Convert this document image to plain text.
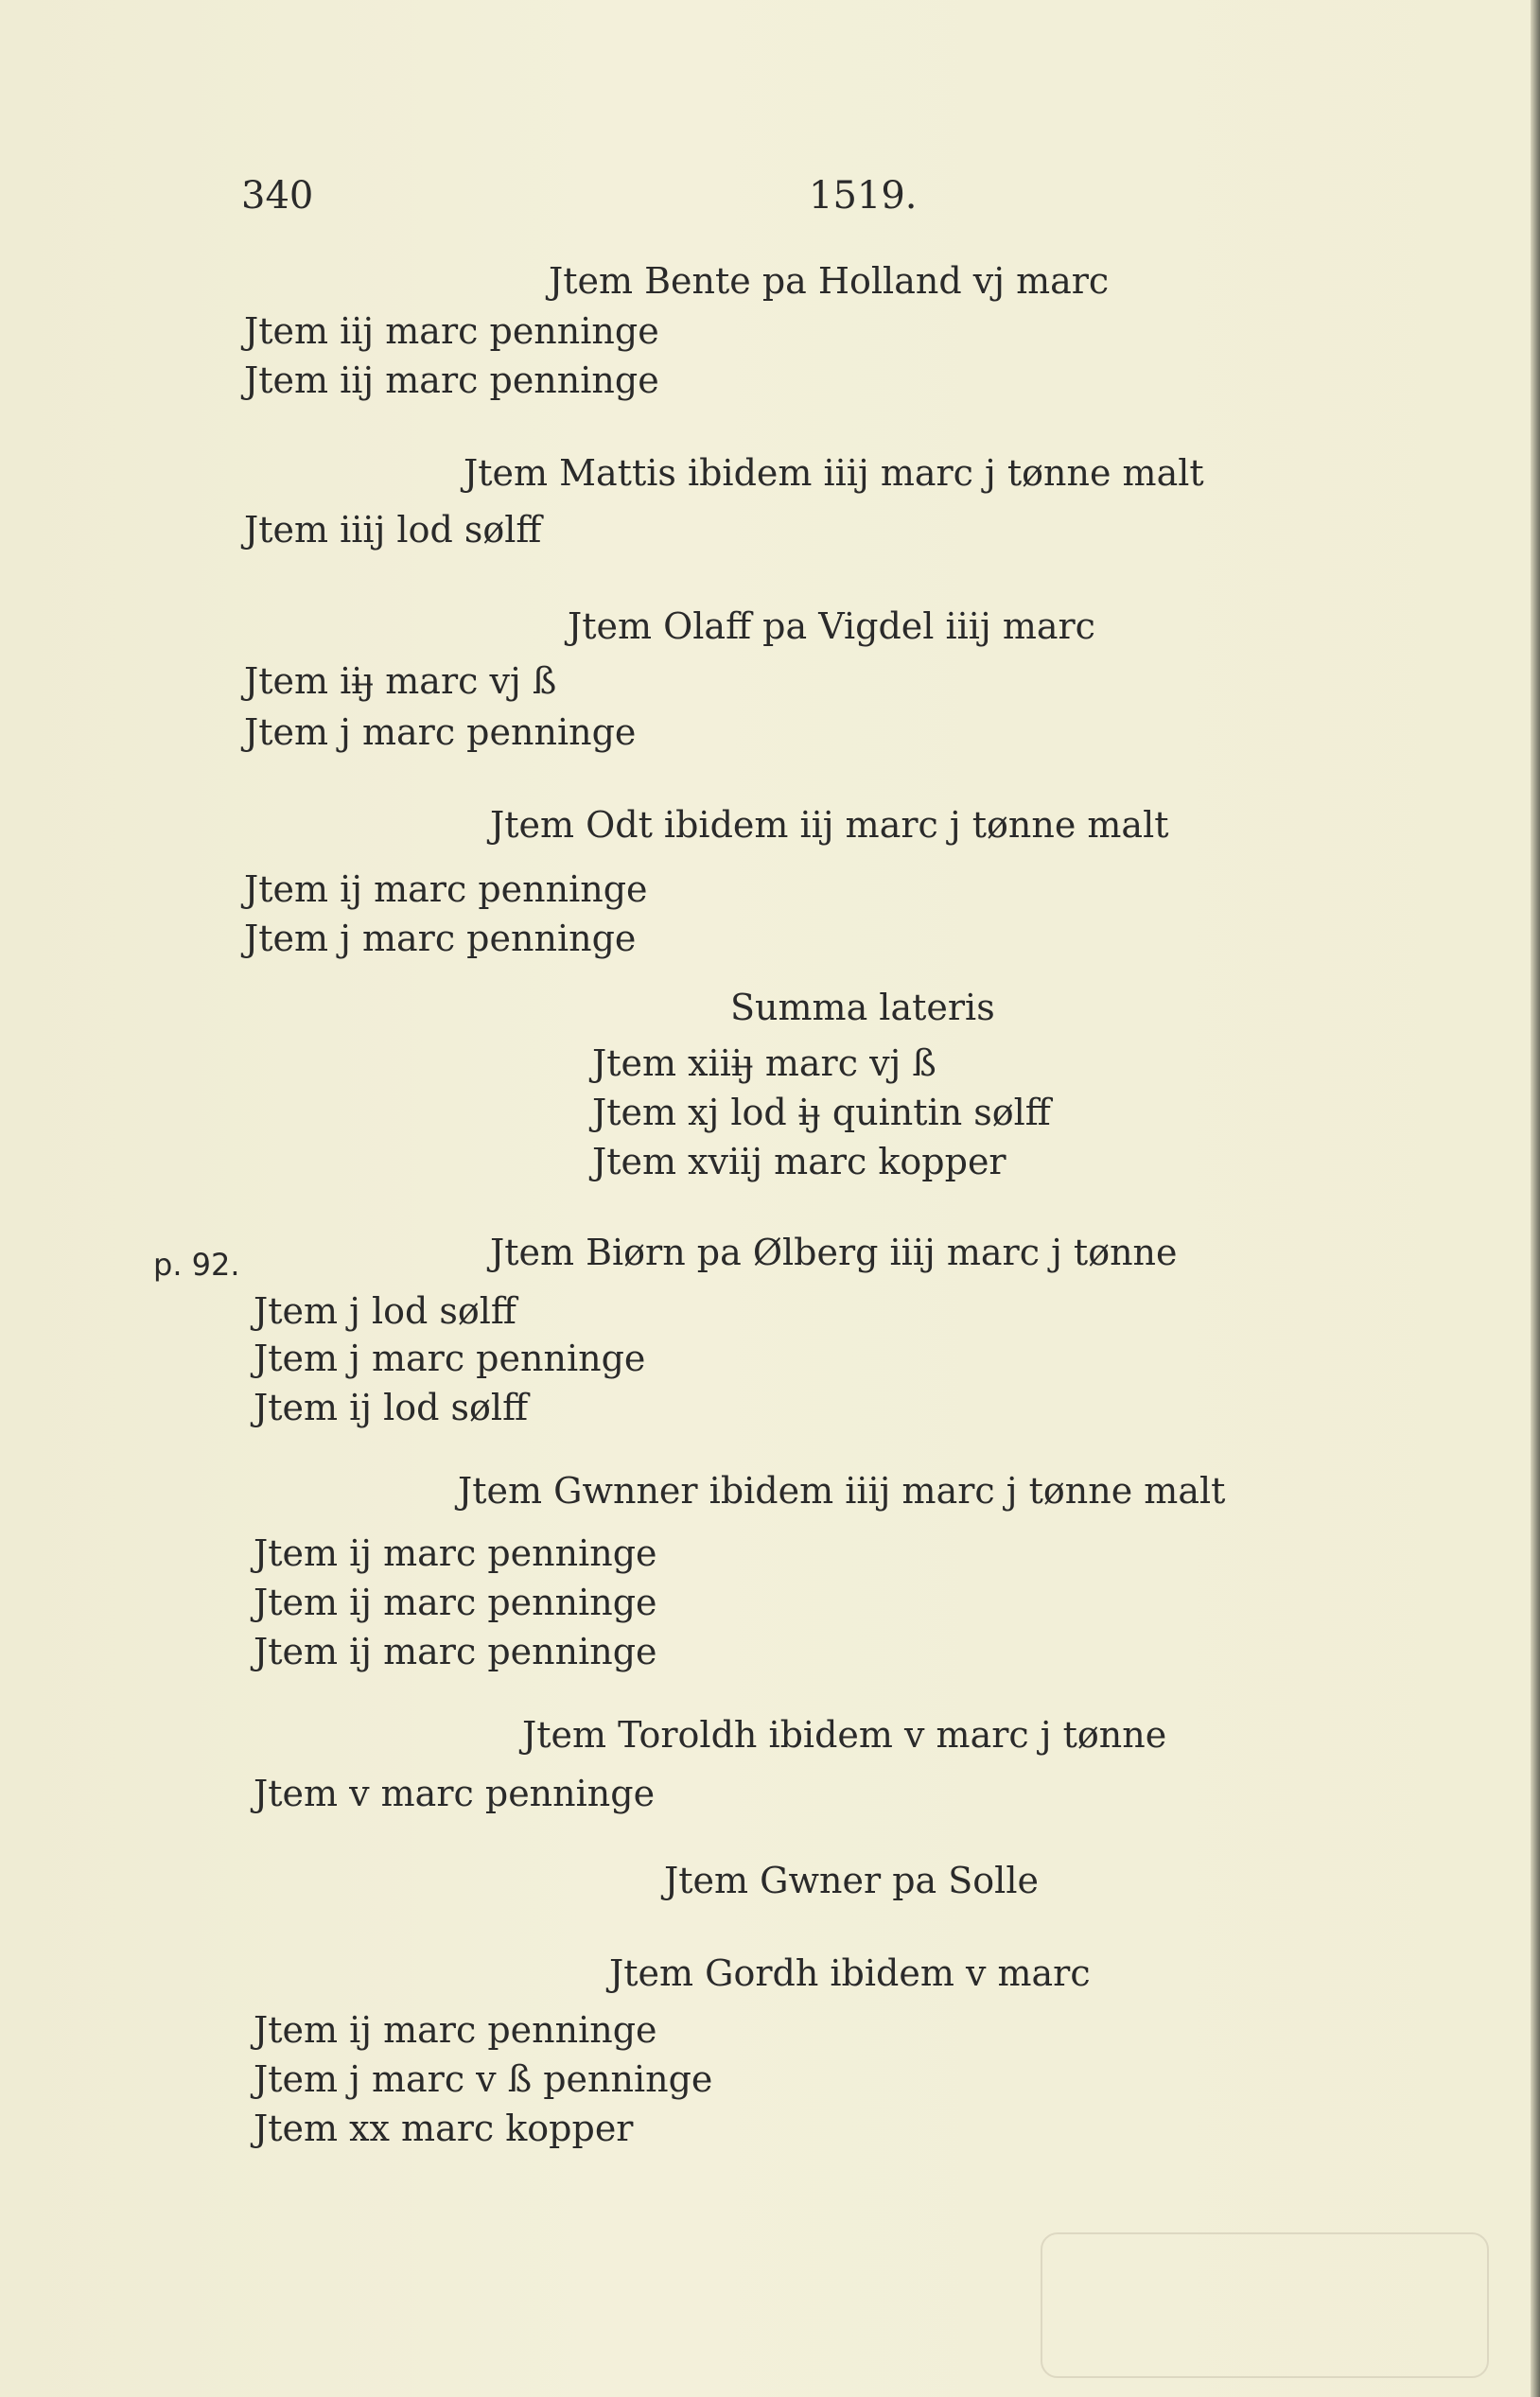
340	1519.
p. 92.
Jtem Bente pa Holland vj marc
Jtem iij marc penninge
Jtem iij marc penninge
Jtem Mattis ibidem iiij marc j tønne malt
Jtem iiij lod sølff
Jtem Olaff pa Vigdel iiij marc
Jtem iiȷ̶ marc vj ß
Jtem j marc penninge
Jtem Odt ibidem iij marc j tønne malt
Jtem ij marc penninge
Jtem j marc penninge
Summa lateris
Jtem xiiiȷ̶ marc vj ß
Jtem xj lod iȷ̶ quintin sølff
Jtem xviij marc kopper
Jtem Biørn pa Ølberg iiij marc j tønne
Jtem j lod sølff
Jtem j marc penninge
Jtem ij lod sølff
Jtem Gwnner ibidem iiij marc j tønne malt
Jtem ij marc penninge
Jtem ij marc penninge
Jtem ij marc penninge
Jtem Toroldh ibidem v marc j tønne
Jtem v marc penninge
Jtem Gwner pa Solle
Jtem Gordh ibidem v marc
Jtem ij marc penninge
Jtem j marc v ß penninge
Jtem xx marc kopper
